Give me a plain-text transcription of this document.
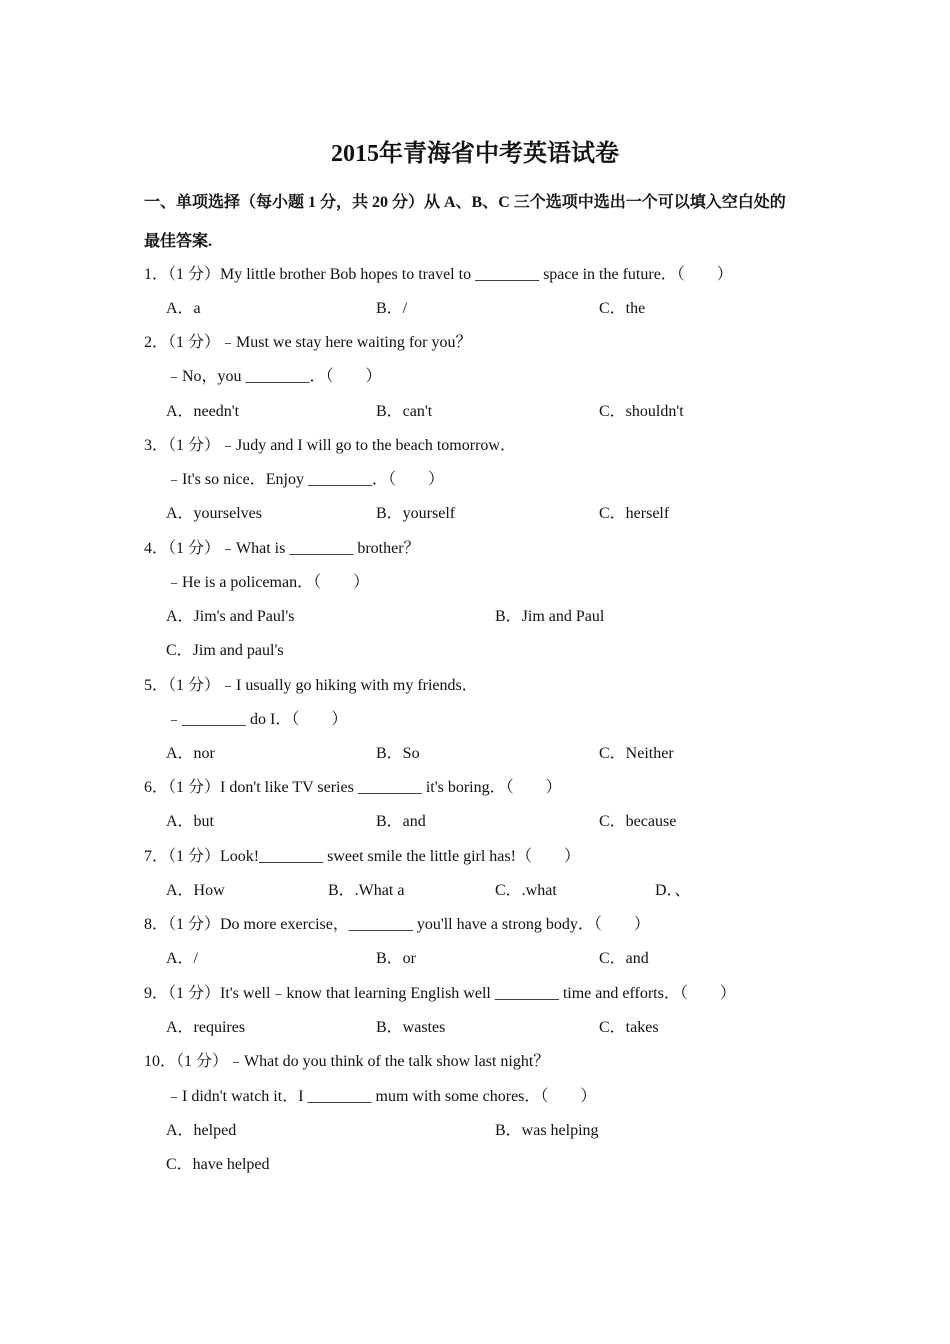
2015年青海省中考英语试卷
一、单项选择（每小题 1 分，共 20 分）从 A、B、C 三个选项中选出一个可以填入空白处的
最佳答案.
1．（1 分）My little brother Bob hopes to travel to ________ space in the future．（　　）
A．a	B．/	C．the
2．（1 分）﹣Must we stay here waiting for you？
﹣No，you ________．（　　）
A．needn't	B．can't	C．shouldn't
3．（1 分）﹣Judy and I will go to the beach tomorrow．
﹣It's so nice．Enjoy ________．（　　）
A．yourselves	B．yourself	C．herself
4．（1 分）﹣What is ________ brother？
﹣He is a policeman．（　　）
A．Jim's and Paul's	B．Jim and Paul
C．Jim and paul's
5．（1 分）﹣I usually go hiking with my friends．
﹣________ do I．（　　）
A．nor	B．So	C．Neither
6．（1 分）I don't like TV series ________ it's boring．（　　）
A．but	B．and	C．because
7．（1 分）Look!________ sweet smile the little girl has!（　　）
A．How	B．.What a	C．.what	D．、
8．（1 分）Do more exercise，________ you'll have a strong body．（　　）
A．/	B．or	C．and
9．（1 分）It's well﹣know that learning English well ________ time and efforts．（　　）
A．requires	B．wastes	C．takes
10．（1 分）﹣What do you think of the talk show last night？
﹣I didn't watch it．I ________ mum with some chores．（　　）
A．helped	B．was helping
C．have helped
